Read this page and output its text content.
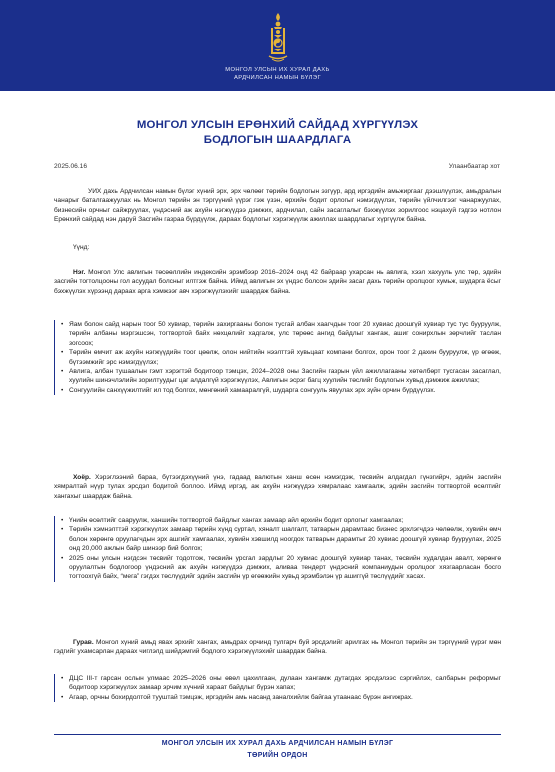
МОНГОЛ УЛСЫН ИХ ХУРАЛ ДАХЬ
АРДЧИЛСАН НАМЫН БҮЛЭГ
МОНГОЛ УЛСЫН ЕРӨНХИЙ САЙДАД ХҮРГҮҮЛЭХ
БОДЛОГЫН ШААРДЛАГА
2025.06.16	Улаанбаатар хот
УИХ дахь Ардчилсан намын бүлэг хүний эрх, эрх чөлөөг төрийн бодлогын эзгүур, ард иргэдийн амьжиргааг дээшлүүлэх, амьдралын чанарыг баталгаажуулах нь Монгол төрийн эн тэргүүний үүрэг гэж үзэн, өрхийн бодит орлогыг нэмэгдүүлэх, төрийн үйлчилгээг чанаржуулах, бизнесийн орчныг сайжруулах, үндэсний аж ахуйн нэгжүүдээ дэмжих, ардчилал, сайн засаглалыг бэхжүүлэх зорилгоос нэцахуй гэдгээ нотлон Ерөнхий сайдад нэн даруй Засгийн газраа бүрдүүлж, дараах бодлогыг хэрэгжүүлж ажиллах шаардлагыг хүргүүлж байна.
Үүнд:
Нэг. Монгол Улс авлигын төсөөллийн индексийн эрэмбээр 2016–2024 онд 42 байраар ухарсан нь авлига, хээл хахууль улс төр, эдийн засгийн тогтолцооны гол асуудал болсныг илтгэж байна. Иймд авлигын эх үндэс болсон эдийн засаг дахь төрийн оролцоог хумьж, шударга ёсыг бэхжүүлэх хүрээнд дараах арга хэмжээг авч хэрэгжүүлэхийг шаардаж байна.
• Яам болон сайд нарын тоог 50 хувиар, төрийн захиргааны болон тусгай албан хаагчдын тоог 20 хувиас доошгүй хувиар тус тус бууруулж, төрийн албаны мэргэшсэн, тогтвортой байх нөхцөлийг хадгалж, улс төрөөс ангид байдлыг хангаж, ашиг сонирхлын зөрчлийг таслан зогсоох;
• Төрийн өмчит аж ахуйн нэгжүүдийн тоог цөөлж, олон нийтийн нээлттэй хувьцаат компани болгох, орон тоог 2 дахин бууруулж, үр өгөөж, бүтээмжийг эрс нэмэгдүүлэх;
• Авлига, албан тушаалын гэмт хэрэгтэй бодитоор тэмцэх, 2024–2028 оны Засгийн газрын үйл ажиллагааны хөтөлбөрт тусгасан засаглал, хуулийн шинэчлэлийн зорилтуудыг цаг алдалгүй хэрэгжүүлэх, Авлигын эсрэг багц хуулийн төслийг бодлогын хувьд дэмжиж ажиллах;
• Сонгуулийн санхүүжилтийг ил тод болгох, мөнгөний хамааралгүй, шударга сонгууль явуулах эрх зүйн орчин бүрдүүлэх.
Хоёр. Хэрэглээний бараа, бүтээгдэхүүний үнэ, гадаад валютын ханш өсөн нэмэгдэж, төсвийн алдагдал гүнзгийрч, эдийн засгийн хямралтай нүүр тулах эрсдэл бодитой боллоо. Иймд иргэд, аж ахуйн нэгжүүдээ хямралаас хамгаалж, эдийн засгийн тогтвортой өсөлтийг хангахыг шаардаж байна.
• Үнийн өсөлтийг сааруулж, ханшийн тогтвортой байдлыг хангах замаар айл өрхийн бодит орлогыг хамгаалах;
• Төрийн хэмнэлттэй хэрэгжүүлэх замаар төрийн хүнд суртал, хяналт шалгалт, татварын дарамтаас бизнес эрхлэгчдээ чөлөөлж, хувийн өмч болон хөрөнгө оруулагчдын эрх ашгийг хамгаалах, хувийн хэвшилд ноогдох татварын дарамтыг 20 хувиас доошгүй хувиар бууруулах, 2025 онд 20,000 ажлын байр шинээр бий болгох;
• 2025 оны улсын нэгдсэн төсвийг тодотгож, төсвийн урсгал зардлыг 20 хувиас доошгүй хувиар танах, төсвийн худалдан авалт, хөрөнгө оруулалтын бодлогоор үндэсний аж ахуйн нэгжүүдээ дэмжих, аливаа тендерт үндэсний компаниудын оролцоог хязгаарласан босго тогтоохгүй байх, “мега” гэгдэх төслүүдийг эдийн засгийн үр өгөөжийн хувьд эрэмбэлэн үр ашиггүй төслүүдийг хасах.
Гурав. Монгол хүний амьд явах эрхийг хангах, амьдрах орчинд тулгарч буй эрсдэлийг арилгах нь Монгол төрийн эн тэргүүний үүрэг мөн гэдгийг ухамсарлан дараах чиглэлд шийдэмгий бодлого хэрэгжүүлэхийг шаардаж байна.
• ДЦС III-т гарсан ослын улмаас 2025–2026 оны өвөл цахилгаан, дулаан хангамж дутагдах эрсдэлээс сэргийлэх, салбарын реформыг бодитоор хэрэгжүүлэх замаар эрчим хүчний хараат байдлыг бүрэн хапах;
• Агаар, орчны бохирдолтой тууштай тэмцэж, иргэдийн амь насанд заналхийлж байгаа утаанаас бүрэн ангижрах.
МОНГОЛ УЛСЫН ИХ ХУРАЛ ДАХЬ АРДЧИЛСАН НАМЫН БҮЛЭГ
ТӨРИЙН ОРДОН
